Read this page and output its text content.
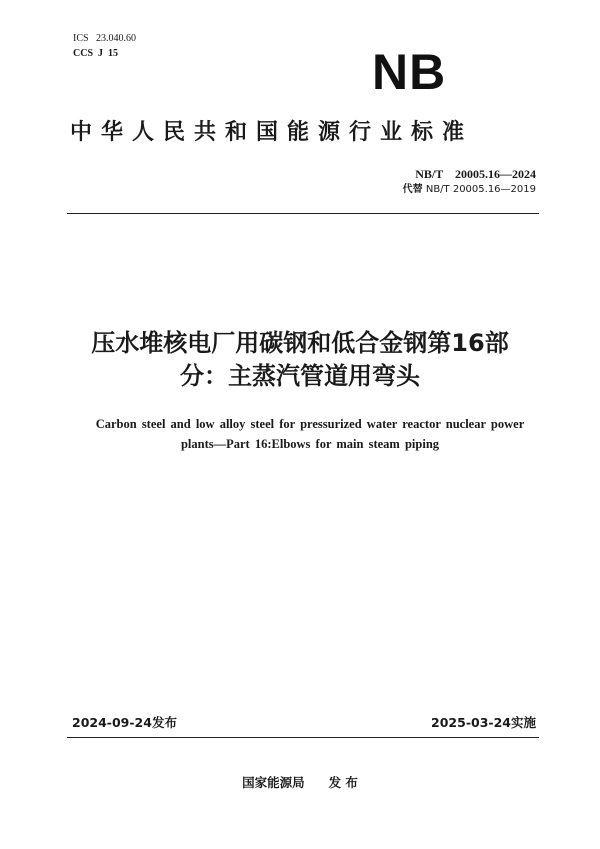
ICS   23.040.60
CCS  J  15	NB
中华人民共和国能源行业标准
NB/T    20005.16—2024
代替 NB/T 20005.16—2019
压水堆核电厂用碳钢和低合金钢第16部
分：主蒸汽管道用弯头
Carbon steel and low alloy steel for pressurized water reactor nuclear power
plants—Part 16:Elbows for main steam piping
2024-09-24发布	2025-03-24实施
国家能源局 发 布
